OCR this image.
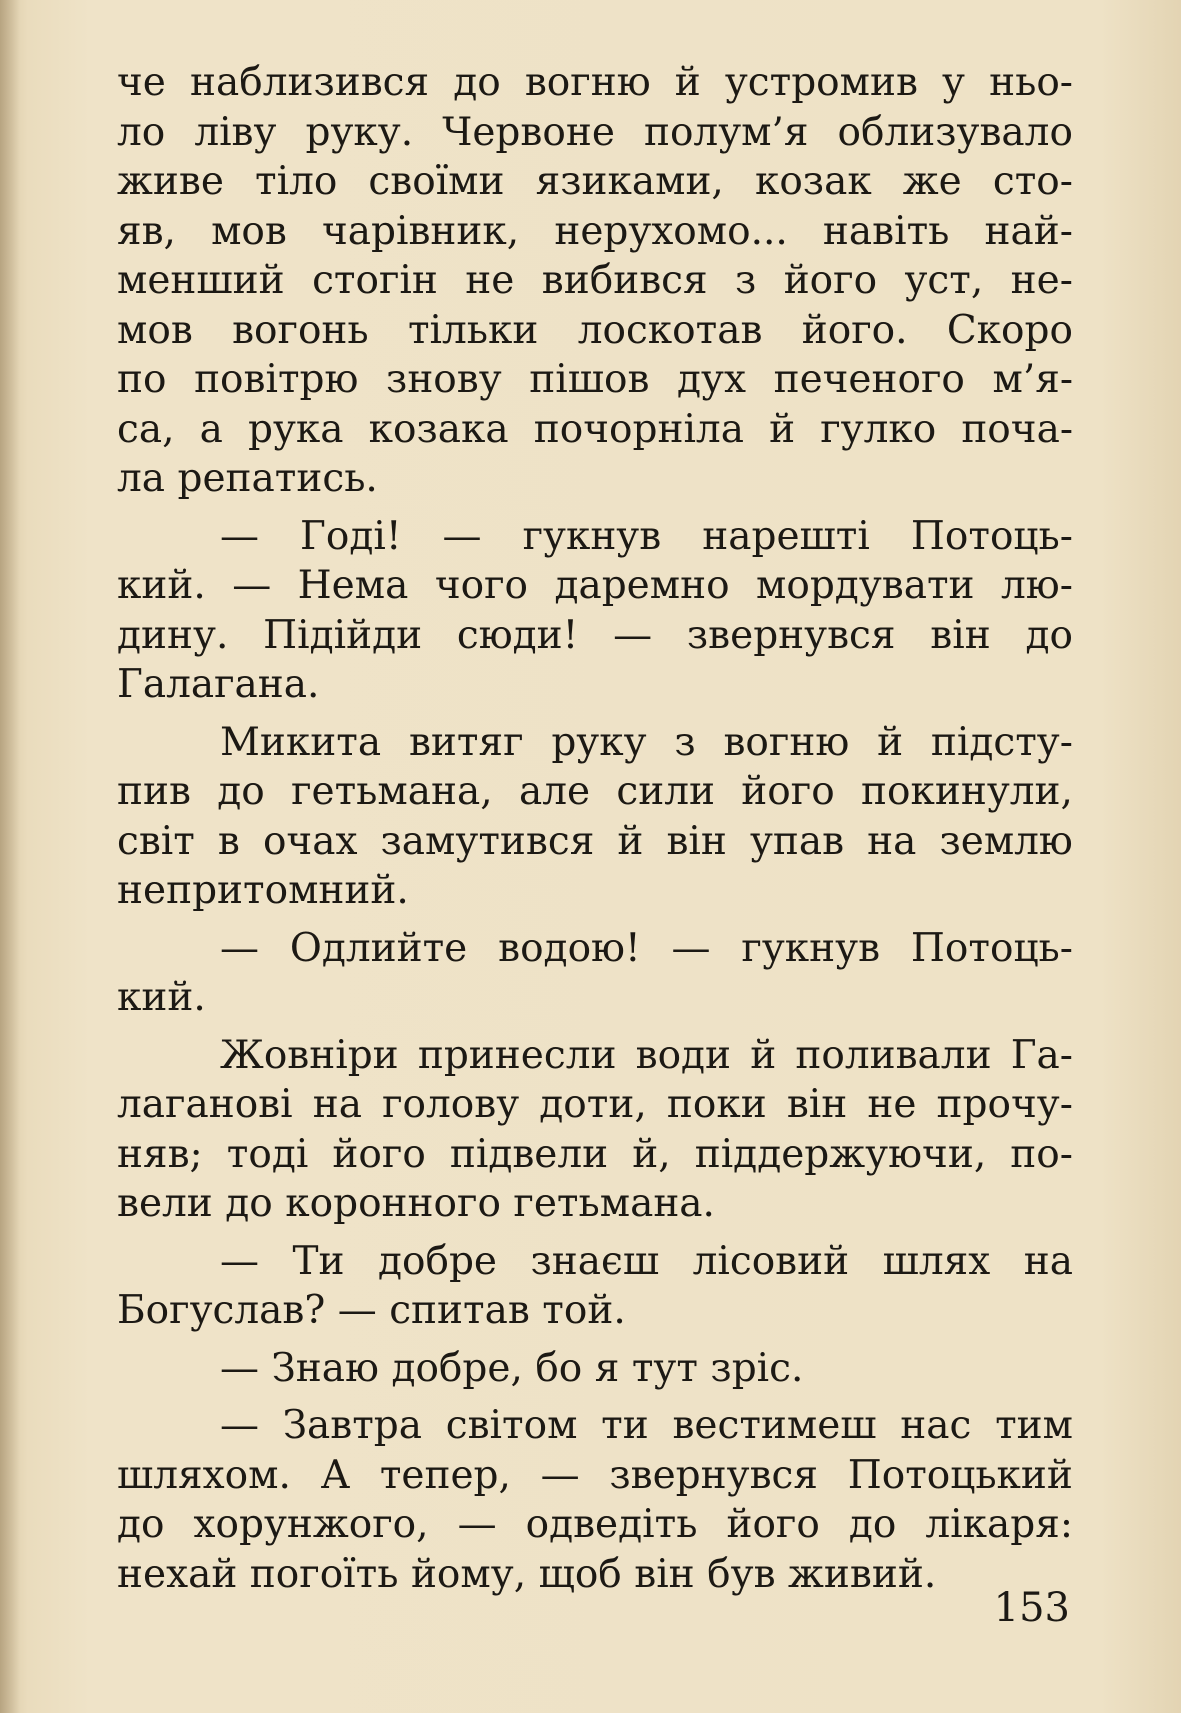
че наблизився до вогню й устромив у ньо-
ло ліву руку. Червоне полум’я облизувало
живе тіло своїми язиками, козак же сто-
яв, мов чарівник, нерухомо... навіть най-
менший стогін не вибився з його уст, не-
мов вогонь тільки лоскотав його. Скоро
по повітрю знову пішов дух печеного м’я-
са, а рука козака почорніла й гулко поча-
ла репатись.
— Годі! — гукнув нарешті Потоць-
кий. — Нема чого даремно мордувати лю-
дину. Підійди сюди! — звернувся він до
Галагана.
Микита витяг руку з вогню й підсту-
пив до гетьмана, але сили його покинули,
світ в очах замутився й він упав на землю
непритомний.
— Одлийте водою! — гукнув Потоць-
кий.
Жовніри принесли води й поливали Га-
лаганові на голову доти, поки він не прочу-
няв; тоді його підвели й, піддержуючи, по-
вели до коронного гетьмана.
— Ти добре знаєш лісовий шлях на
Богуслав? — спитав той.
— Знаю добре, бо я тут зріс.
— Завтра світом ти вестимеш нас тим
шляхом. А тепер, — звернувся Потоцький
до хорунжого, — одведіть його до лікаря:
нехай погоїть йому, щоб він був живий.
153
